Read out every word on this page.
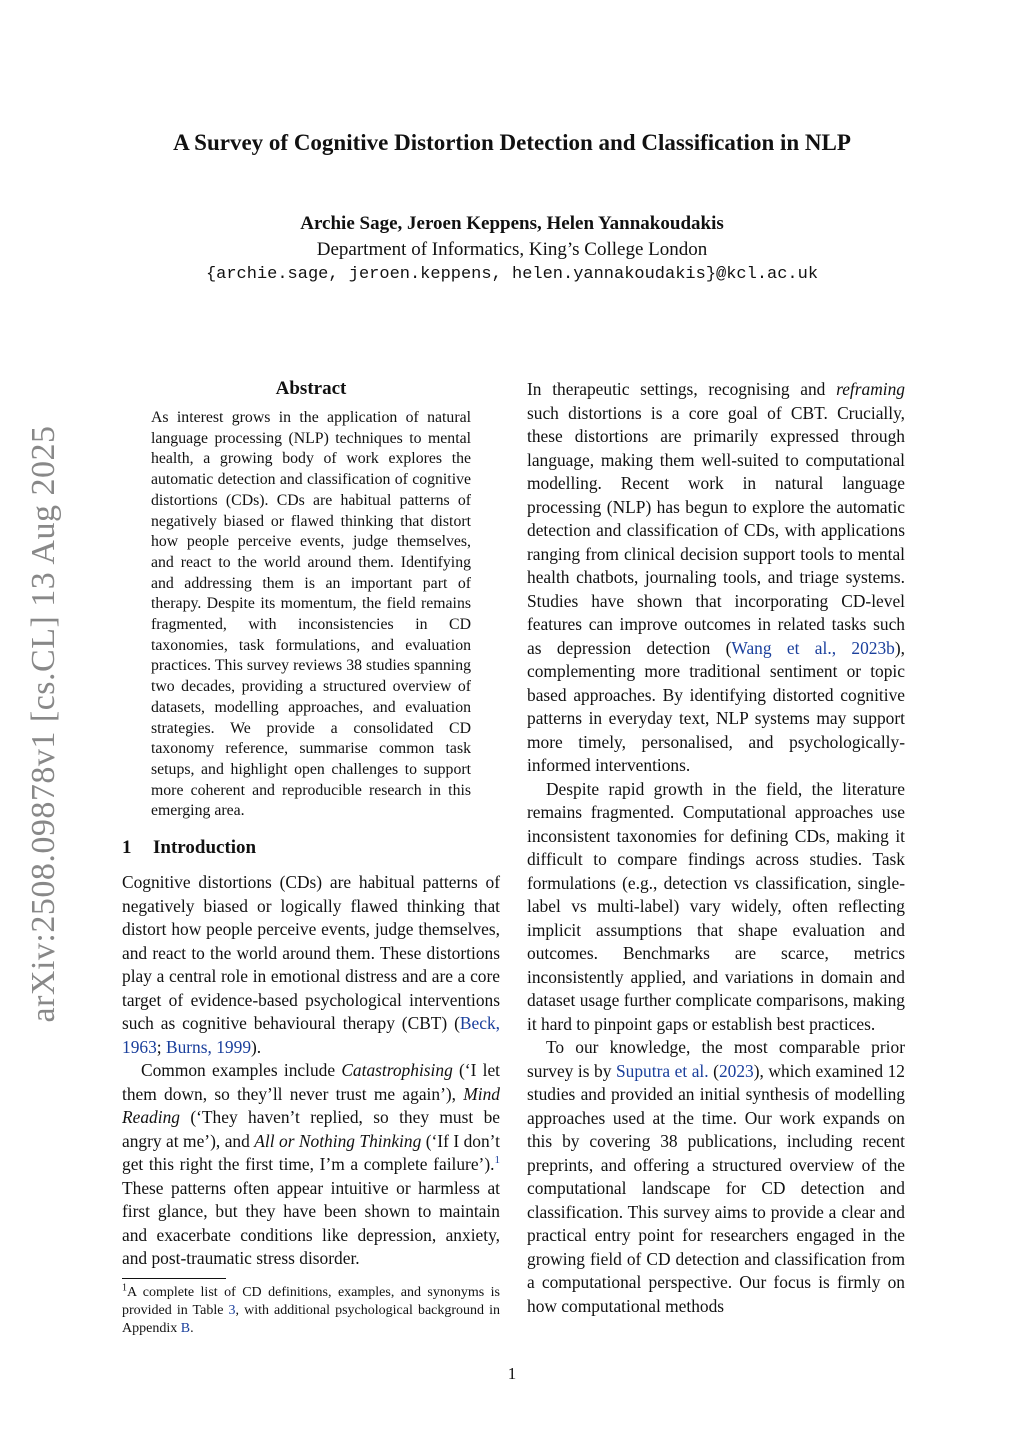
A Survey of Cognitive Distortion Detection and Classification in NLP
Archie Sage, Jeroen Keppens, Helen Yannakoudakis
Department of Informatics, King’s College London
{archie.sage, jeroen.keppens, helen.yannakoudakis}@kcl.ac.uk
arXiv:2508.09878v1 [cs.CL] 13 Aug 2025
Abstract

As interest grows in the application of natural language processing (NLP) techniques to mental health, a growing body of work explores the automatic detection and classification of cognitive distortions (CDs). CDs are habitual patterns of negatively biased or flawed thinking that distort how people perceive events, judge themselves, and react to the world around them. Identifying and addressing them is an important part of therapy. Despite its momentum, the field remains fragmented, with inconsistencies in CD taxonomies, task formulations, and evaluation practices. This survey reviews 38 studies spanning two decades, providing a structured overview of datasets, modelling approaches, and evaluation strategies. We provide a consolidated CD taxonomy reference, summarise common task setups, and highlight open challenges to support more coherent and reproducible research in this emerging area.

1 Introduction

Cognitive distortions (CDs) are habitual patterns of negatively biased or logically flawed thinking that distort how people perceive events, judge themselves, and react to the world around them. These distortions play a central role in emotional distress and are a core target of evidence-based psychological interventions such as cognitive behavioural therapy (CBT) (Beck, 1963; Burns, 1999).

Common examples include Catastrophising (‘I let them down, so they’ll never trust me again’), Mind Reading (‘They haven’t replied, so they must be angry at me’), and All or Nothing Thinking (‘If I don’t get this right the first time, I’m a complete failure’).$^1$ These patterns often appear intuitive or harmless at first glance, but they have been shown to maintain and exacerbate conditions like depression, anxiety, and post-traumatic stress disorder.

$^1$A complete list of CD definitions, examples, and synonyms is provided in Table 3, with additional psychological background in Appendix B.

In therapeutic settings, recognising and reframing such distortions is a core goal of CBT. Crucially, these distortions are primarily expressed through language, making them well-suited to computational modelling. Recent work in natural language processing (NLP) has begun to explore the automatic detection and classification of CDs, with applications ranging from clinical decision support tools to mental health chatbots, journaling tools, and triage systems. Studies have shown that incorporating CD-level features can improve outcomes in related tasks such as depression detection (Wang et al., 2023b), complementing more traditional sentiment or topic based approaches. By identifying distorted cognitive patterns in everyday text, NLP systems may support more timely, personalised, and psychologically-informed interventions.

Despite rapid growth in the field, the literature remains fragmented. Computational approaches use inconsistent taxonomies for defining CDs, making it difficult to compare findings across studies. Task formulations (e.g., detection vs classification, single-label vs multi-label) vary widely, often reflecting implicit assumptions that shape evaluation and outcomes. Benchmarks are scarce, metrics inconsistently applied, and variations in domain and dataset usage further complicate comparisons, making it hard to pinpoint gaps or establish best practices.

To our knowledge, the most comparable prior survey is by Suputra et al. (2023), which examined 12 studies and provided an initial synthesis of modelling approaches used at the time. Our work expands on this by covering 38 publications, including recent preprints, and offering a structured overview of the computational landscape for CD detection and classification. This survey aims to provide a clear and practical entry point for researchers engaged in the growing field of CD detection and classification from a computational perspective. Our focus is firmly on how computational methods

1
